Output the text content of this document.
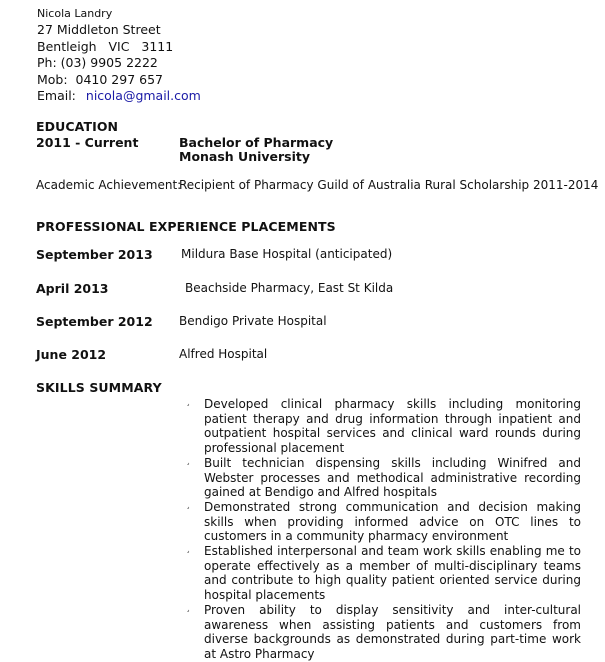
Nicola Landry
27 Middleton Street
Bentleigh   VIC   3111
Ph: (03) 9905 2222
Mob:  0410 297 657
Email: nicola@gmail.com
EDUCATION
2011 - Current	Bachelor of Pharmacy
Monash University
Academic Achievement:
Recipient of Pharmacy Guild of Australia Rural Scholarship 2011-2014
PROFESSIONAL EXPERIENCE PLACEMENTS
September 2013 Mildura Base Hospital (anticipated)
April 2013	Beachside Pharmacy, East St Kilda
September 2012 Bendigo Private Hospital
June 2012	Alfred Hospital
SKILLS SUMMARY
¸ Developed clinical pharmacy skills including monitoring patient therapy and drug information through inpatient and outpatient hospital services and clinical ward rounds during professional placement
¸ Built technician dispensing skills including Winifred and Webster processes and methodical administrative recording gained at Bendigo and Alfred hospitals
¸ Demonstrated strong communication and decision making skills when providing informed advice on OTC lines to customers in a community pharmacy environment
¸ Established interpersonal and team work skills enabling me to operate effectively as a member of multi-disciplinary teams and contribute to high quality patient oriented service during hospital placements
¸ Proven ability to display sensitivity and inter-cultural awareness when assisting patients and customers from diverse backgrounds as demonstrated during part-time work at Astro Pharmacy
